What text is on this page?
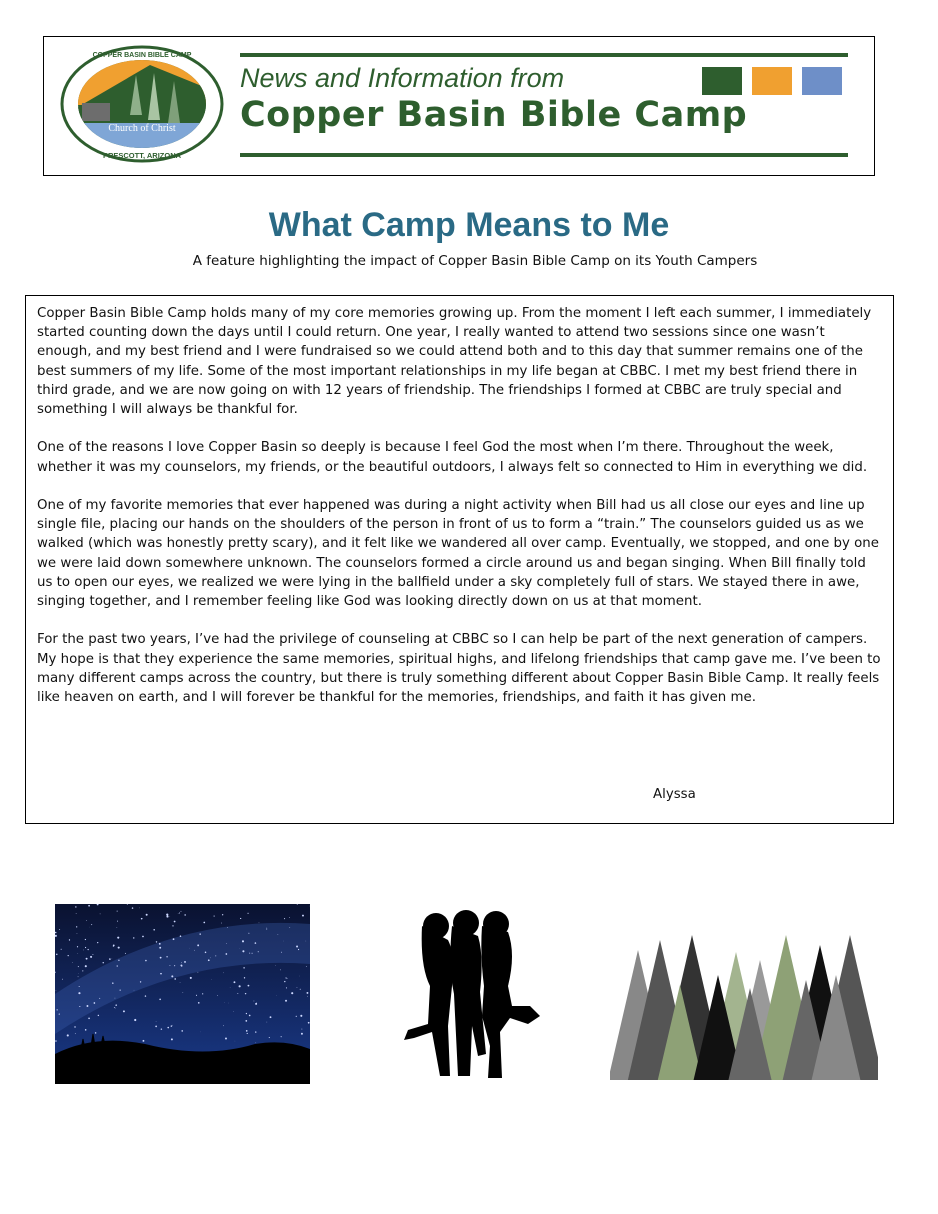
Church of Christ
COPPER BASIN BIBLE CAMP
PRESCOTT, ARIZONA
News and Information from
Copper Basin Bible Camp
What Camp Means to Me
A feature highlighting the impact of Copper Basin Bible Camp on its Youth Campers

Copper Basin Bible Camp holds many of my core memories growing up. From the moment I left each summer, I immediately started counting down the days until I could return. One year, I really wanted to attend two sessions since one wasn’t enough, and my best friend and I were fundraised so we could attend both and to this day that summer remains one of the best summers of my life. Some of the most important relationships in my life began at CBBC. I met my best friend there in third grade, and we are now going on with 12 years of friendship. The friendships I formed at CBBC are truly special and something I will always be thankful for.

One of the reasons I love Copper Basin so deeply is because I feel God the most when I’m there. Throughout the week, whether it was my counselors, my friends, or the beautiful outdoors, I always felt so connected to Him in everything we did.

One of my favorite memories that ever happened was during a night activity when Bill had us all close our eyes and line up single file, placing our hands on the shoulders of the person in front of us to form a “train.” The counselors guided us as we walked (which was honestly pretty scary), and it felt like we wandered all over camp. Eventually, we stopped, and one by one we were laid down somewhere unknown. The counselors formed a circle around us and began singing. When Bill finally told us to open our eyes, we realized we were lying in the ballfield under a sky completely full of stars. We stayed there in awe, singing together, and I remember feeling like God was looking directly down on us at that moment.

For the past two years, I’ve had the privilege of counseling at CBBC so I can help be part of the next generation of campers. My hope is that they experience the same memories, spiritual highs, and lifelong friendships that camp gave me. I’ve been to many different camps across the country, but there is truly something different about Copper Basin Bible Camp. It really feels like heaven on earth, and I will forever be thankful for the memories, friendships, and faith it has given me.

Alyssa
